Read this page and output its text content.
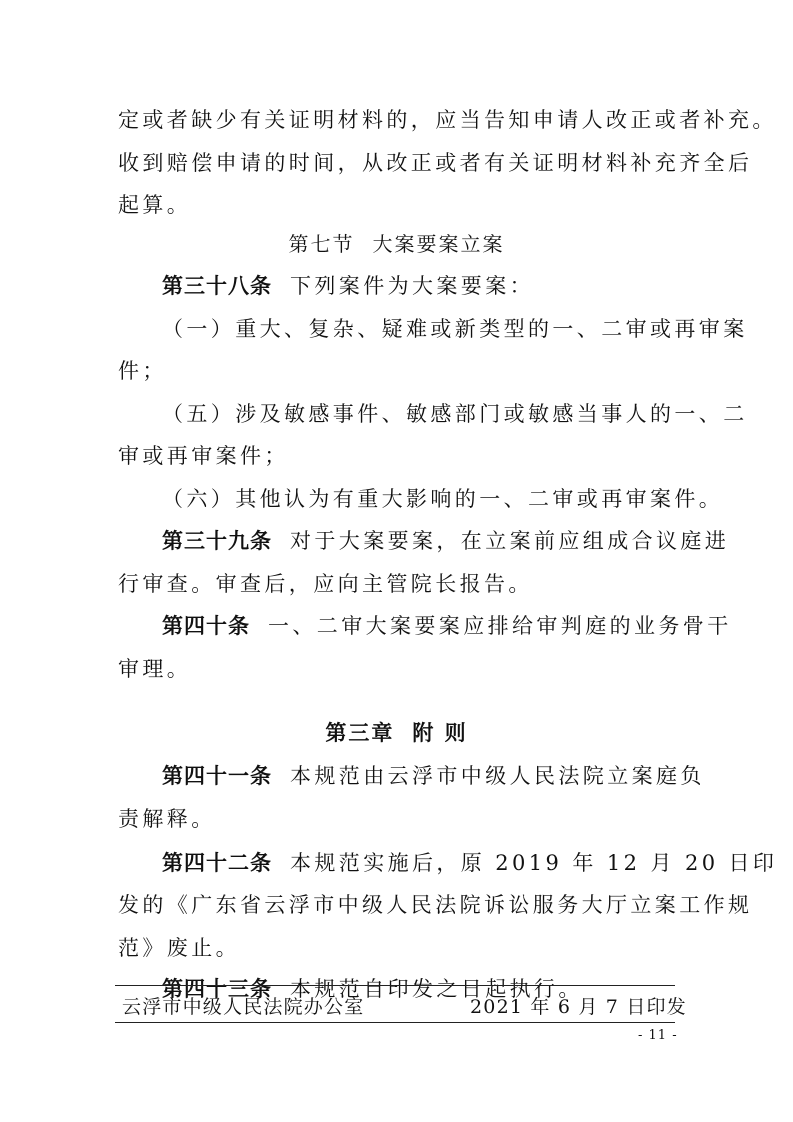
定或者缺少有关证明材料的，应当告知申请人改正或者补充。
收到赔偿申请的时间，从改正或者有关证明材料补充齐全后
起算。
第七节 大案要案立案
第三十八条 下列案件为大案要案：
（一）重大、复杂、疑难或新类型的一、二审或再审案
件；
（五）涉及敏感事件、敏感部门或敏感当事人的一、二
审或再审案件；
（六）其他认为有重大影响的一、二审或再审案件。
第三十九条 对于大案要案，在立案前应组成合议庭进
行审查。审查后，应向主管院长报告。
第四十条 一、二审大案要案应排给审判庭的业务骨干
审理。
第三章 附 则
第四十一条 本规范由云浮市中级人民法院立案庭负
责解释。
第四十二条 本规范实施后，原 2019 年 12 月 20 日印
发的《广东省云浮市中级人民法院诉讼服务大厅立案工作规
范》废止。
第四十三条 本规范自印发之日起执行。
云浮市中级人民法院办公室	2021 年 6 月 7 日印发
- 11 -
